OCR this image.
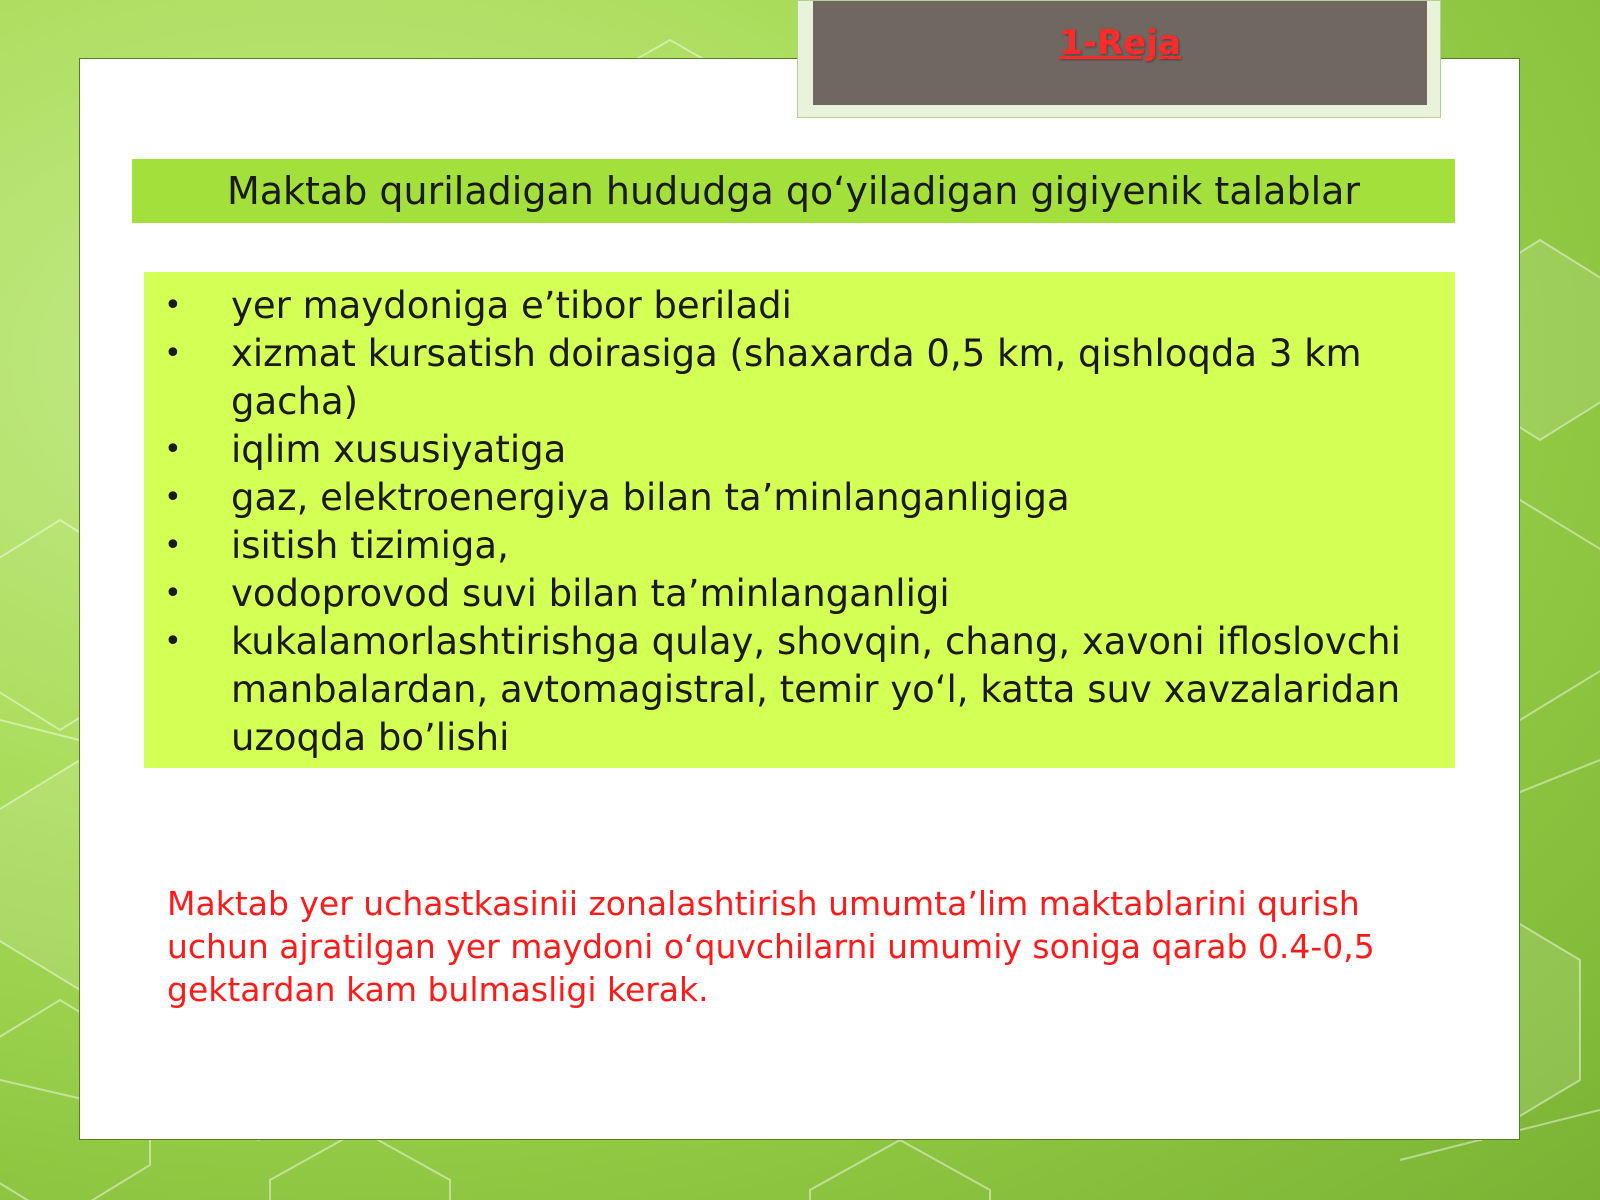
1-Reja
Maktab quriladigan hududga qo‘yiladigan gigiyenik talablar
•	yer maydoniga e’tibor beriladi
•	xizmat kursatish doirasiga (shaxarda 0,5 km, qishloqda 3 km gacha)
•	iqlim xususiyatiga
•	gaz, elektroenergiya bilan ta’minlanganligiga
•	isitish tizimiga,
•	vodoprovod suvi bilan ta’minlanganligi
•	kukalamorlashtirishga qulay, shovqin, chang, xavoni ifloslovchi manbalardan, avtomagistral, temir yo‘l, katta suv xavzalaridan uzoqda bo’lishi
Maktab yer uchastkasinii zonalashtirish umumta’lim maktablarini qurish uchun ajratilgan yer maydoni o‘quvchilarni umumiy soniga qarab 0.4-0,5 gektardan kam bulmasligi kerak.
